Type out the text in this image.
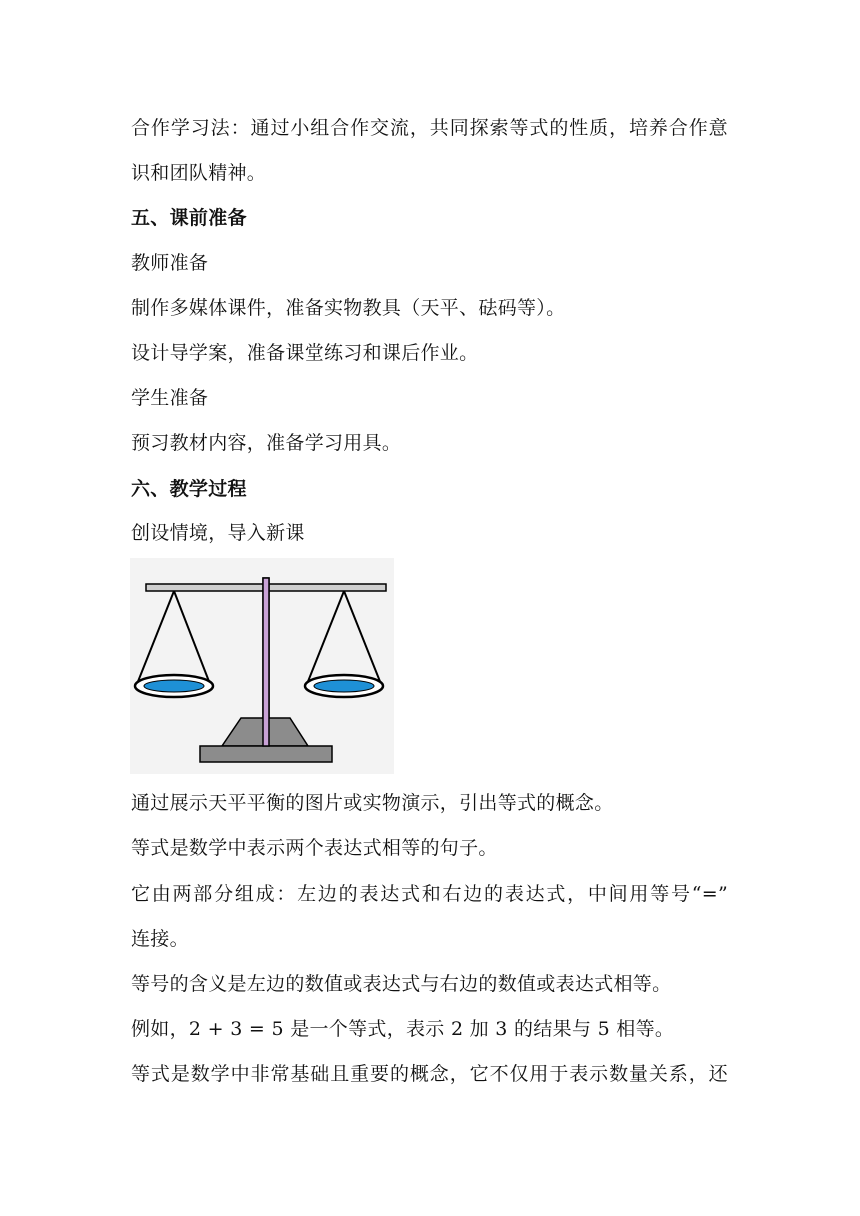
合作学习法：通过小组合作交流，共同探索等式的性质，培养合作意
识和团队精神。
五、课前准备
教师准备
制作多媒体课件，准备实物教具（天平、砝码等）。
设计导学案，准备课堂练习和课后作业。
学生准备
预习教材内容，准备学习用具。
六、教学过程
创设情境，导入新课
通过展示天平平衡的图片或实物演示，引出等式的概念。
等式是数学中表示两个表达式相等的句子。
它由两部分组成：左边的表达式和右边的表达式，中间用等号“=”
连接。
等号的含义是左边的数值或表达式与右边的数值或表达式相等。
例如，2 + 3 = 5 是一个等式，表示 2 加 3 的结果与 5 相等。
等式是数学中非常基础且重要的概念，它不仅用于表示数量关系，还
